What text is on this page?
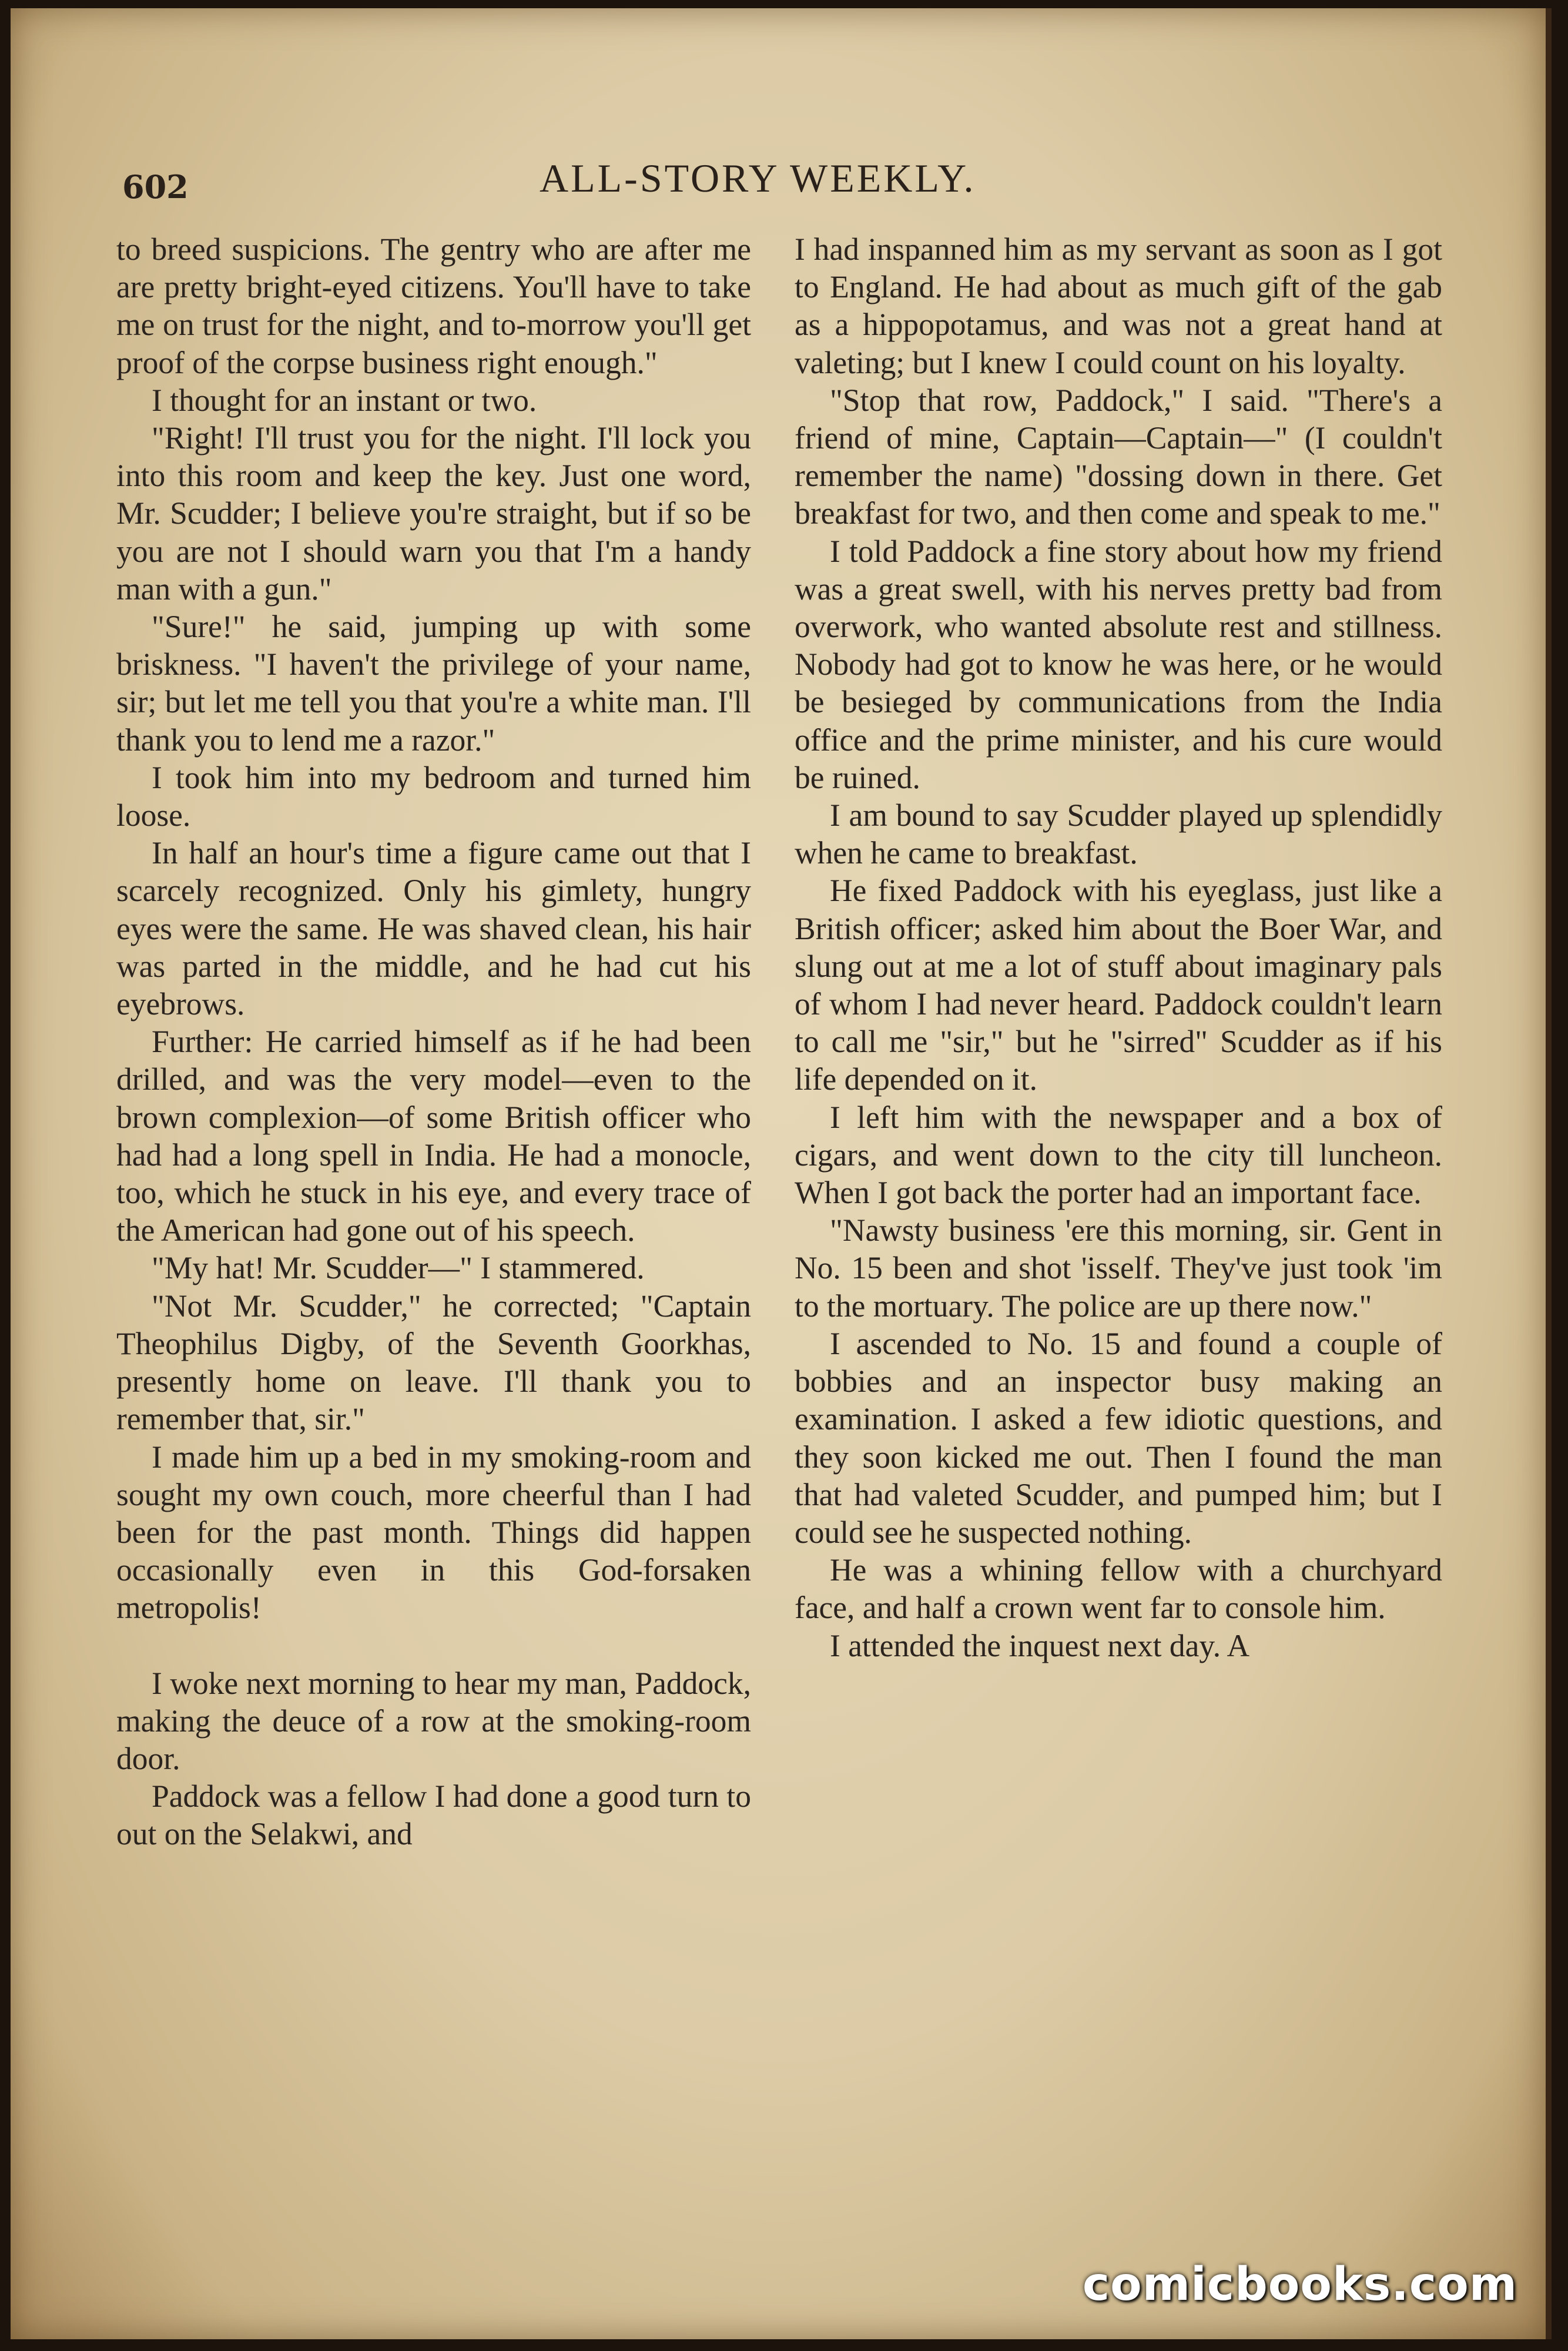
602	ALL-STORY WEEKLY.

to breed suspicions. The gentry who are after me are pretty bright-eyed citizens. You'll have to take me on trust for the night, and to-morrow you'll get proof of the corpse business right enough."

I thought for an instant or two.

"Right! I'll trust you for the night. I'll lock you into this room and keep the key. Just one word, Mr. Scudder; I believe you're straight, but if so be you are not I should warn you that I'm a handy man with a gun."

"Sure!" he said, jumping up with some briskness. "I haven't the privilege of your name, sir; but let me tell you that you're a white man. I'll thank you to lend me a razor."

I took him into my bedroom and turned him loose.

In half an hour's time a figure came out that I scarcely recognized. Only his gimlety, hungry eyes were the same. He was shaved clean, his hair was parted in the middle, and he had cut his eyebrows.

Further: He carried himself as if he had been drilled, and was the very model—even to the brown complexion—of some British officer who had had a long spell in India. He had a monocle, too, which he stuck in his eye, and every trace of the American had gone out of his speech.

"My hat! Mr. Scudder—" I stammered.

"Not Mr. Scudder," he corrected; "Captain Theophilus Digby, of the Seventh Goorkhas, presently home on leave. I'll thank you to remember that, sir."

I made him up a bed in my smoking-room and sought my own couch, more cheerful than I had been for the past month. Things did happen occasionally even in this God-forsaken metropolis!

I woke next morning to hear my man, Paddock, making the deuce of a row at the smoking-room door.

Paddock was a fellow I had done a good turn to out on the Selakwi, and

I had inspanned him as my servant as soon as I got to England. He had about as much gift of the gab as a hippopotamus, and was not a great hand at valeting; but I knew I could count on his loyalty.

"Stop that row, Paddock," I said. "There's a friend of mine, Captain—Captain—" (I couldn't remember the name) "dossing down in there. Get breakfast for two, and then come and speak to me."

I told Paddock a fine story about how my friend was a great swell, with his nerves pretty bad from overwork, who wanted absolute rest and stillness. Nobody had got to know he was here, or he would be besieged by communications from the India office and the prime minister, and his cure would be ruined.

I am bound to say Scudder played up splendidly when he came to breakfast.

He fixed Paddock with his eyeglass, just like a British officer; asked him about the Boer War, and slung out at me a lot of stuff about imaginary pals of whom I had never heard. Paddock couldn't learn to call me "sir," but he "sirred" Scudder as if his life depended on it.

I left him with the newspaper and a box of cigars, and went down to the city till luncheon. When I got back the porter had an important face.

"Nawsty business 'ere this morning, sir. Gent in No. 15 been and shot 'isself. They've just took 'im to the mortuary. The police are up there now."

I ascended to No. 15 and found a couple of bobbies and an inspector busy making an examination. I asked a few idiotic questions, and they soon kicked me out. Then I found the man that had valeted Scudder, and pumped him; but I could see he suspected nothing.

He was a whining fellow with a churchyard face, and half a crown went far to console him.

I attended the inquest next day. A

comicbooks.com
